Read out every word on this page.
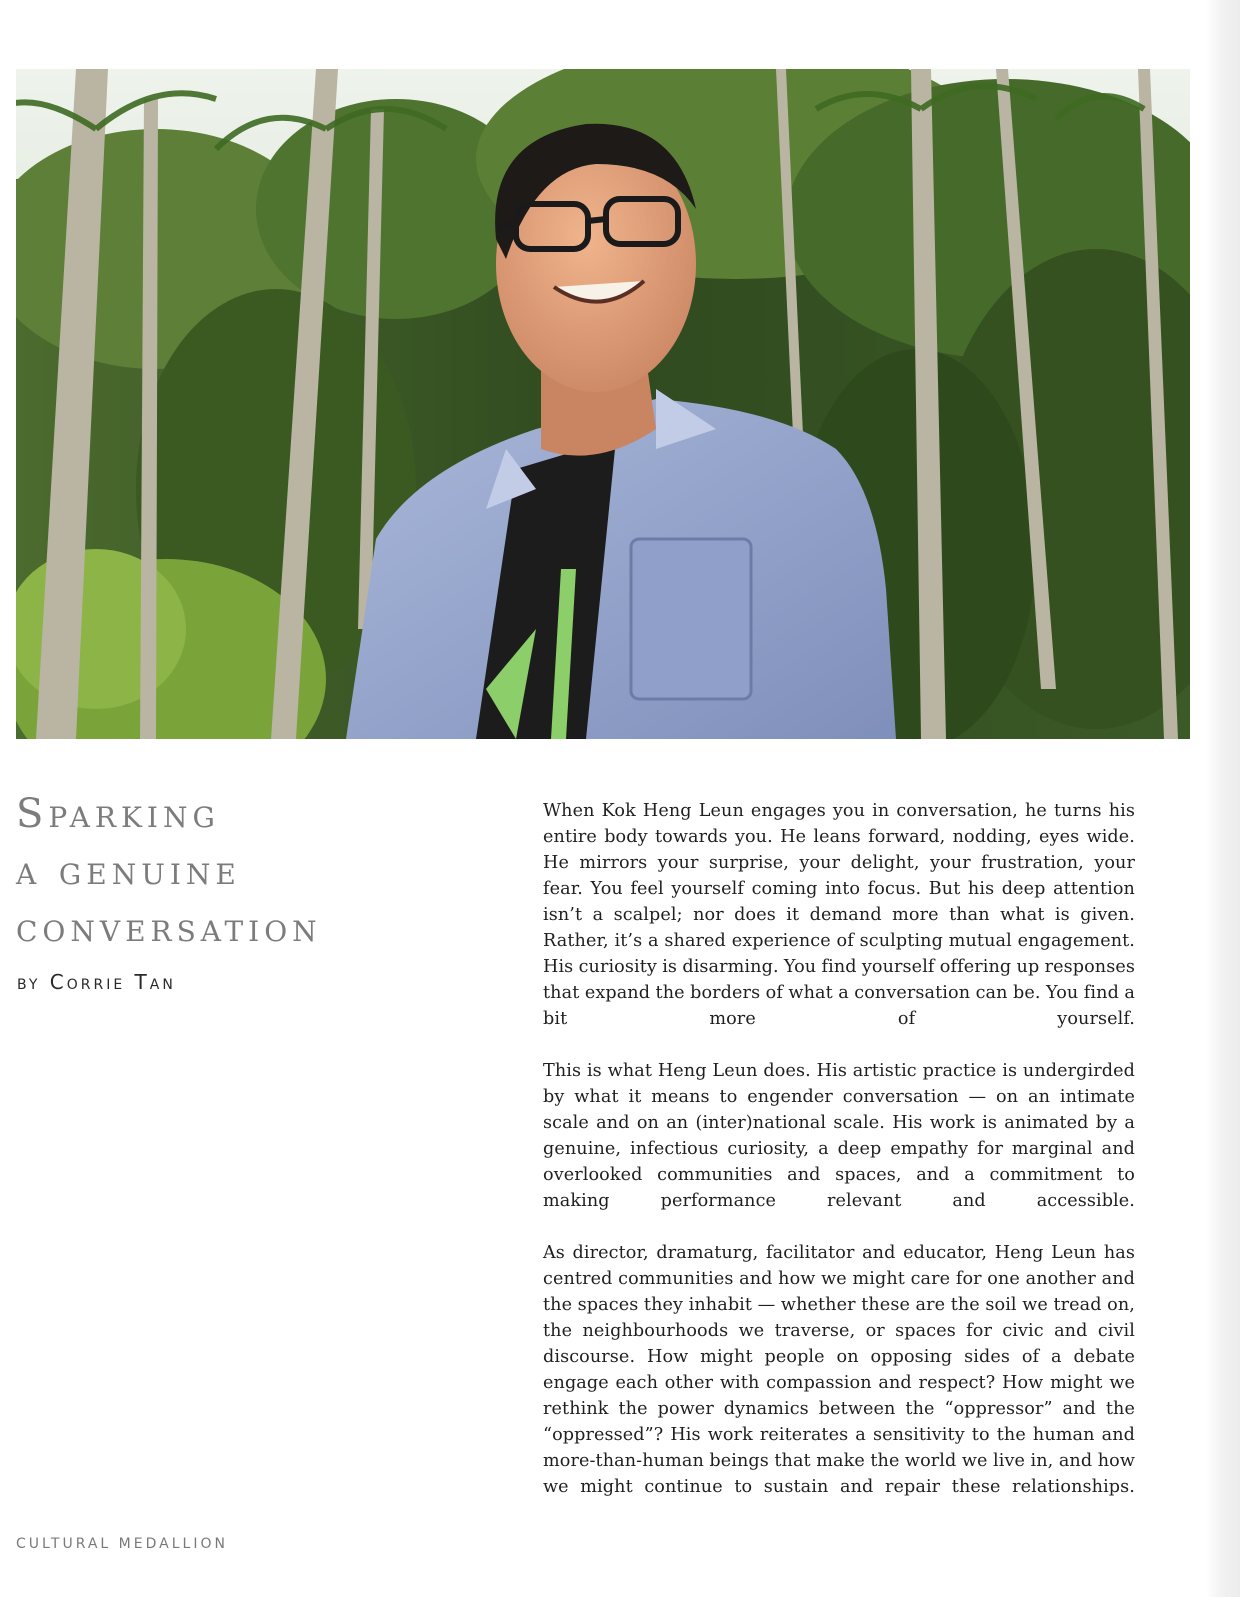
Sparking
a genuine
conversation
by Corrie Tan

When Kok Heng Leun engages you in conversation, he turns his entire body towards you. He leans forward, nodding, eyes wide. He mirrors your surprise, your delight, your frustration, your fear. You feel yourself coming into focus. But his deep attention isn’t a scalpel; nor does it demand more than what is given. Rather, it’s a shared experience of sculpting mutual engagement. His curiosity is disarming. You find yourself offering up responses that expand the borders of what a conversation can be. You find a bit more of yourself.

This is what Heng Leun does. His artistic practice is undergirded by what it means to engender conversation — on an intimate scale and on an (inter)national scale. His work is animated by a genuine, infectious curiosity, a deep empathy for marginal and overlooked communities and spaces, and a commitment to making performance relevant and accessible.

As director, dramaturg, facilitator and educator, Heng Leun has centred communities and how we might care for one another and the spaces they inhabit — whether these are the soil we tread on, the neighbourhoods we traverse, or spaces for civic and civil discourse. How might people on opposing sides of a debate engage each other with compassion and respect? How might we rethink the power dynamics between the “oppressor” and the “oppressed”? His work reiterates a sensitivity to the human and more-than-human beings that make the world we live in, and how we might continue to sustain and repair these relationships.

CULTURAL MEDALLION
